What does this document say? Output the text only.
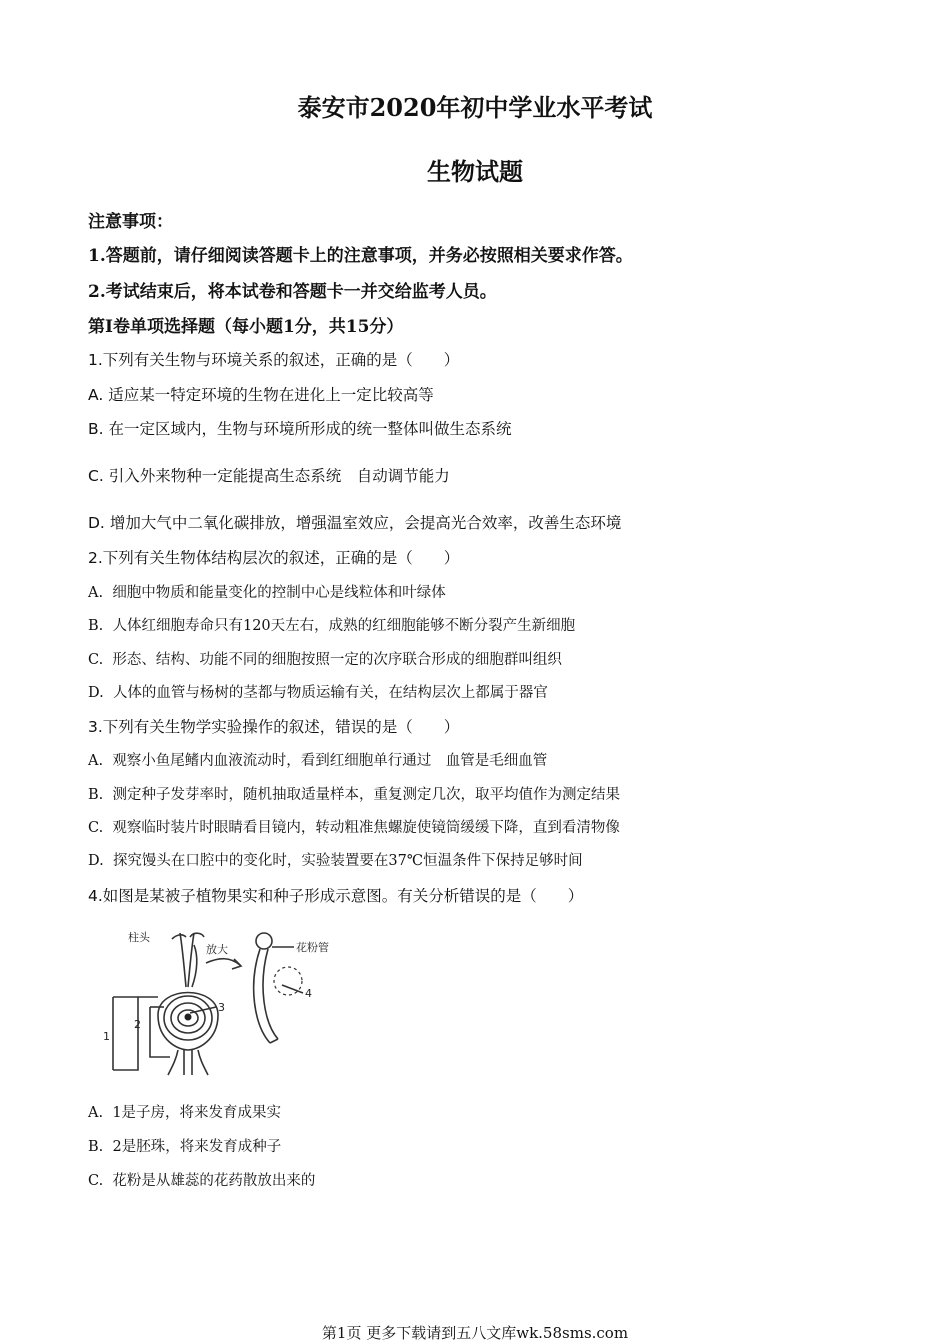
泰安市2020年初中学业水平考试
生物试题
注意事项：
1.答题前，请仔细阅读答题卡上的注意事项，并务必按照相关要求作答。
2.考试结束后，将本试卷和答题卡一并交给监考人员。
第Ⅰ卷单项选择题（每小题1分，共15分）
1.下列有关生物与环境关系的叙述，正确的是（　　）
A. 适应某一特定环境的生物在进化上一定比较高等
B. 在一定区域内，生物与环境所形成的统一整体叫做生态系统
C. 引入外来物种一定能提高生态系统　自动调节能力
D. 增加大气中二氧化碳排放，增强温室效应，会提高光合效率，改善生态环境
2.下列有关生物体结构层次的叙述，正确的是（　　）
A. 细胞中物质和能量变化的控制中心是线粒体和叶绿体
B. 人体红细胞寿命只有120天左右，成熟的红细胞能够不断分裂产生新细胞
C. 形态、结构、功能不同的细胞按照一定的次序联合形成的细胞群叫组织
D. 人体的血管与杨树的茎都与物质运输有关，在结构层次上都属于器官
3.下列有关生物学实验操作的叙述，错误的是（　　）
A. 观察小鱼尾鳍内血液流动时，看到红细胞单行通过　血管是毛细血管
B. 测定种子发芽率时，随机抽取适量样本，重复测定几次，取平均值作为测定结果
C. 观察临时装片时眼睛看目镜内，转动粗准焦螺旋使镜筒缓缓下降，直到看清物像
D. 探究馒头在口腔中的变化时，实验装置要在37℃恒温条件下保持足够时间
4.如图是某被子植物果实和种子形成示意图。有关分析错误的是（　　）
柱头
放大	花粉管
1
2
3
4
A. 1是子房，将来发育成果实
B. 2是胚珠，将来发育成种子
C. 花粉是从雄蕊的花药散放出来的
第1页 更多下载请到五八文库wk.58sms.com
